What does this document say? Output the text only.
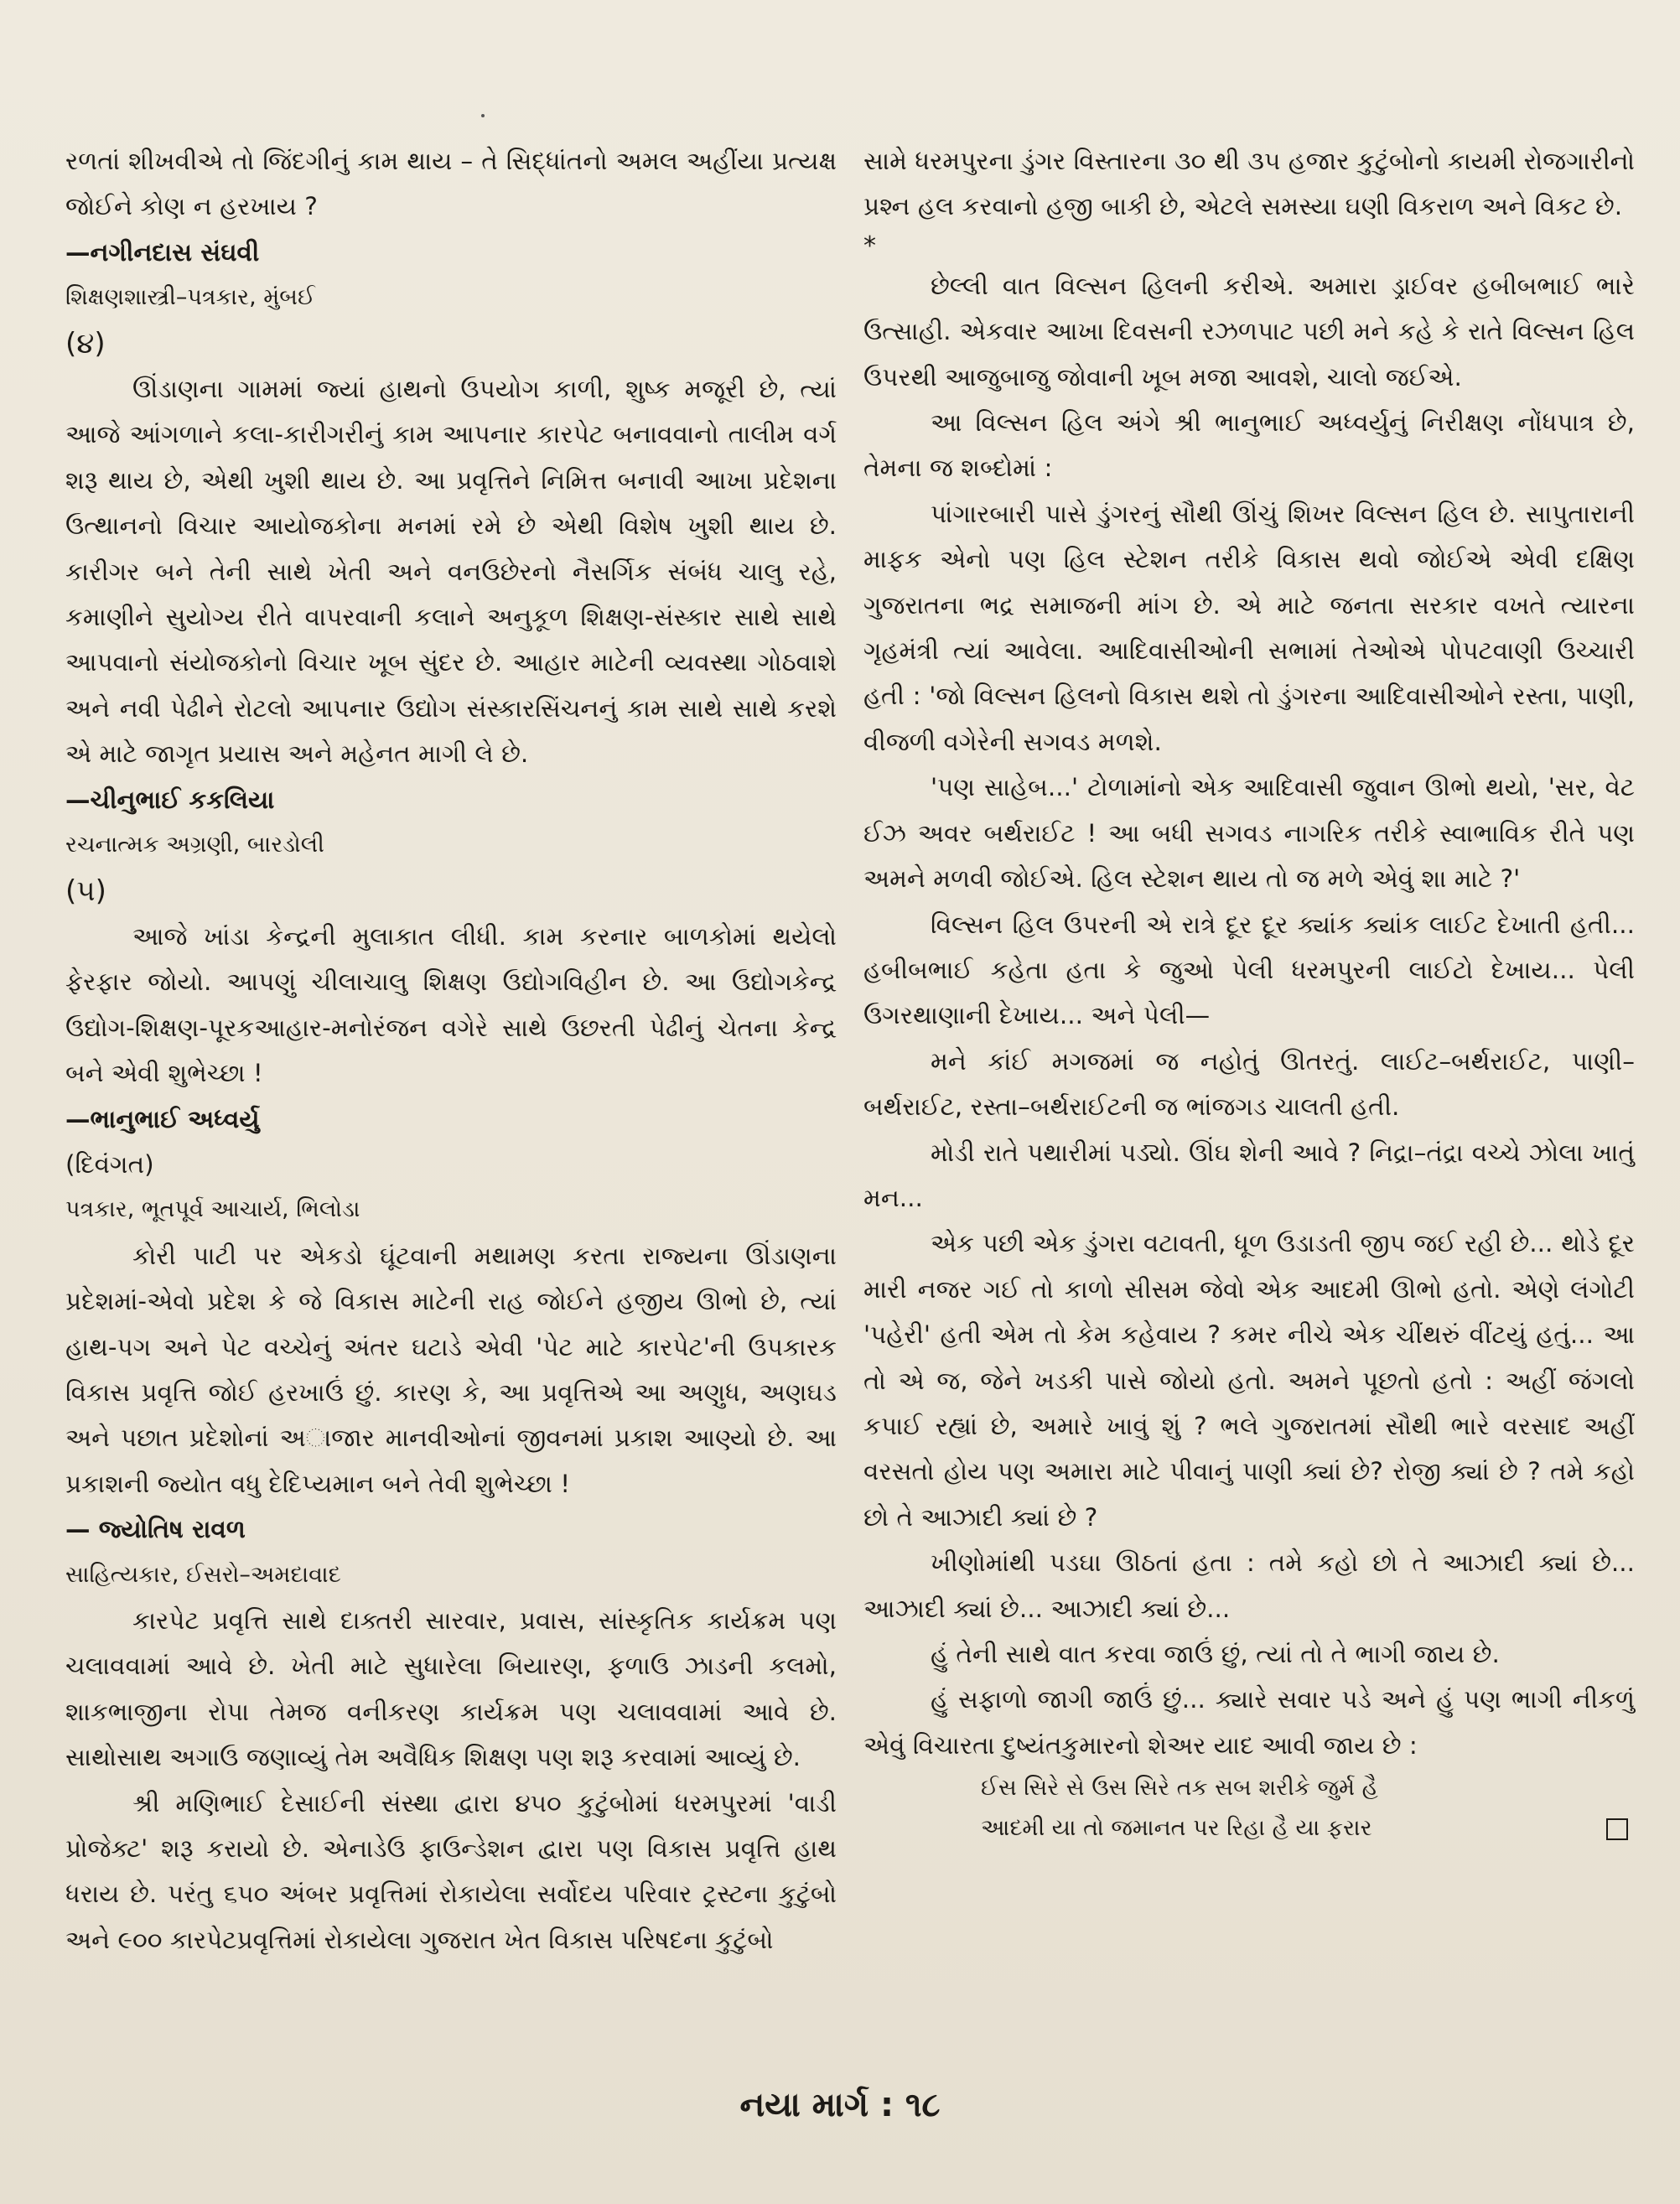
રળતાં શીખવીએ તો જિંદગીનું કામ થાય – તે સિદ્ધાંતનો અમલ અહીં‌યા પ્રત્યક્ષ જોઈને કોણ ન હરખાય ?

—નગીનદાસ સંઘવી

શિક્ષણશાસ્ત્રી–પત્રકાર, મુંબઈ

(૪)

ઊંડાણના ગામમાં જ્યાં હાથનો ઉપયોગ કાળી, શુષ્ક મજૂરી છે, ત્યાં આજે આંગળાને કલા-કારીગરીનું કામ આપનાર કારપેટ બનાવવાનો તાલીમ વર્ગ શરૂ થાય છે, એથી ખુશી થાય છે. આ પ્રવૃત્તિને નિમિત્ત બનાવી આખા પ્રદેશના ઉત્થાનનો વિચાર આયોજકોના મનમાં રમે છે એથી વિશેષ ખુશી થાય છે. કારીગર બને તેની સાથે ખેતી અને વનઉછેરનો નૈસર્ગિક સંબંધ ચાલુ રહે, કમાણીને સુયોગ્ય રીતે વાપરવાની કલાને અનુકૂળ શિક્ષણ-સંસ્કાર સાથે સાથે આપવાનો સંયોજકોનો વિચાર ખૂબ સુંદર છે. આહાર માટેની વ્યવસ્થા ગોઠવાશે અને નવી પેઢીને રોટલો આપનાર ઉદ્યોગ સંસ્કારસિંચનનું કામ સાથે સાથે કરશે એ માટે જાગૃત પ્રયાસ અને મહેનત માગી લે છે.

—ચીનુભાઈ કકલિયા

રચનાત્મક અગ્રણી, બારડોલી

(૫)

આજે ખાંડા કેન્દ્રની મુલાકાત લીધી. કામ કરનાર બાળકોમાં થયેલો ફેરફાર જોયો. આપણું ચીલાચાલુ શિક્ષણ ઉદ્યોગવિહીન છે. આ ઉદ્યોગકેન્દ્ર ઉદ્યોગ-શિક્ષણ-પૂરકઆહાર-મનોરંજન વગેરે સાથે ઉછરતી પેઢીનું ચેતના કેન્દ્ર બને એવી શુભેચ્છા !

—ભાનુભાઈ અધ્વર્યુ

(દિવંગત)

પત્રકાર, ભૂતપૂર્વ આચાર્ય, ભિલોડા

કોરી પાટી પર એકડો ઘૂંટવાની મથામણ કરતા રાજ્યના ઊંડાણના પ્રદેશમાં-એવો પ્રદેશ કે જે વિકાસ માટેની રાહ જોઈને હજીય ઊભો છે, ત્યાં હાથ-પગ અને પેટ વચ્ચેનું અંતર ઘટાડે એવી 'પેટ માટે કારપેટ'ની ઉપકારક વિકાસ પ્રવૃત્તિ જોઈ હરખાઉં છું. કારણ કે, આ પ્રવૃત્તિએ આ અણુધ, અણઘડ અને પછાત પ્રદેશોનાં અાજાર માનવીઓનાં જીવનમાં પ્રકાશ આણ્યો છે. આ પ્રકાશની જ્યોત વધુ દેદિપ્યમાન બને તેવી શુભેચ્છા !

— જ્યોતિષ રાવળ

સાહિત્યકાર, ઈસરો–અમદાવાદ

કારપેટ પ્રવૃત્તિ સાથે દાક્તરી સારવાર, પ્રવાસ, સાંસ્કૃતિક કાર્યક્રમ પણ ચલાવવામાં આવે છે. ખેતી માટે સુધારેલા બિયારણ, ફળાઉ ઝાડની કલમો, શાકભાજીના રોપા તેમજ વનીકરણ કાર્યક્રમ પણ ચલાવવામાં આવે છે. સાથોસાથ અગાઉ જણાવ્યું તેમ અવૈધિક શિક્ષણ પણ શરૂ કરવામાં આવ્યું છે.

શ્રી મણિભાઈ દેસાઈની સંસ્થા દ્વારા ૪૫૦ કુટુંબોમાં ધરમપુરમાં 'વાડી પ્રોજેક્ટ' શરૂ કરાયો છે. એનાડેઉ ફાઉન્ડેશન દ્વારા પણ વિકાસ પ્રવૃત્તિ હાથ ધરાય છે. પરંતુ ૬૫૦ અંબર પ્રવૃત્તિમાં રોકાયેલા સર્વોદય પરિવાર ટ્રસ્ટના કુટુંબો અને ૯૦૦ કારપેટપ્રવૃત્તિમાં રોકાયેલા ગુજરાત ખેત વિકાસ પરિષદના કુટુંબો

સામે ધરમપુરના ડુંગર વિસ્તારના ૩૦ થી ૩૫ હજાર કુટુંબોનો કાયમી રોજગારીનો પ્રશ્ન હલ કરવાનો હજી બાકી છે, એટલે સમસ્યા ઘણી વિકરાળ અને વિકટ છે.

*

છેલ્લી વાત વિલ્સન હિલની કરીએ. અમારા ડ્રાઈવર હબીબભાઈ ભારે ઉત્સાહી. એકવાર આખા દિવસની રઝળપાટ પછી મને કહે કે રાતે વિલ્સન હિલ ઉપરથી આજુબાજુ જોવાની ખૂબ મજા આવશે, ચાલો જઈએ.

આ વિલ્સન હિલ અંગે શ્રી ભાનુભાઈ અધ્વર્યુનું નિરીક્ષણ નોંધપાત્ર છે, તેમના જ શબ્દોમાં :

પાંગારબારી પાસે ડુંગરનું સૌથી ઊંચું શિખર વિલ્સન હિલ છે. સાપુતારાની માફક એનો પણ હિલ સ્ટેશન તરીકે વિકાસ થવો જોઈએ એવી દક્ષિણ ગુજરાતના ભદ્ર સમાજની માંગ છે. એ માટે જનતા સરકાર વખતે ત્યારના ગૃહમંત્રી ત્યાં આવેલા. આદિવાસીઓની સભામાં તેઓએ પોપટવાણી ઉચ્ચારી હતી : 'જો વિલ્સન હિલનો વિકાસ થશે તો ડુંગરના આદિવાસીઓને રસ્તા, પાણી, વીજળી વગેરેની સગવડ મળશે.

'પણ સાહેબ...' ટોળામાંનો એક આદિવાસી જુવાન ઊભો થયો, 'સર, વેટ ઈઝ અવર બર્થરાઈટ ! આ બધી સગવડ નાગરિક તરીકે સ્વાભાવિક રીતે પણ અમને મળવી જોઈએ. હિલ સ્ટેશન થાય તો જ મળે એવું શા માટે ?'

વિલ્સન હિલ ઉપરની એ રાત્રે દૂર દૂર ક્યાંક ક્યાંક લાઈટ દેખાતી હતી... હબીબભાઈ કહેતા હતા કે જુઓ પેલી ધરમપુરની લાઈટો દેખાય... પેલી ઉગરથાણાની દેખાય... અને પેલી—

મને કાંઈ મગજમાં જ નહોતું ઊતરતું. લાઈટ–બર્થરાઈટ, પાણી–બર્થરાઈટ, રસ્તા–બર્થરાઈટની જ ભાંજગડ ચાલતી હતી.

મોડી રાતે પથારીમાં પડ્યો. ઊંઘ શેની આવે ? નિદ્રા–તંદ્રા વચ્ચે ઝોલા ખાતું મન...

એક પછી એક ડુંગરા વટાવતી, ધૂળ ઉડાડતી જીપ જઈ રહી છે... થોડે દૂર મારી નજર ગઈ તો કાળો સીસમ જેવો એક આદમી ઊભો હતો. એણે લંગોટી 'પહેરી' હતી એમ તો કેમ કહેવાય ? કમર નીચે એક ચીંથરું વીંટયું હતું... આ તો એ જ, જેને ખડકી પાસે જોયો હતો. અમને પૂછતો હતો : અહીં જંગલો કપાઈ રહ્યાં છે, અમારે ખાવું શું ? ભલે ગુજરાતમાં સૌથી ભારે વરસાદ અહીં વરસતો હોય પણ અમારા માટે પીવાનું પાણી ક્યાં છે? રોજી ક્યાં છે ? તમે કહો છો તે આઝાદી ક્યાં છે ?

ખીણોમાંથી પડઘા ઊઠતાં હતા : તમે કહો છો તે આઝાદી ક્યાં છે... આઝાદી ક્યાં છે... આઝાદી ક્યાં છે...

હું તેની સાથે વાત કરવા જાઉં છું, ત્યાં તો તે ભાગી જાય છે.

હું સફાળો જાગી જાઉં છું... ક્યારે સવાર પડે અને હું પણ ભાગી નીકળું એવું વિચારતા દુષ્યંતકુમારનો શેઅર યાદ આવી જાય છે :

ઈસ સિરે સે ઉસ સિરે તક સબ શરીકે જુર્મ હૈ

આદમી યા તો જમાનત પર રિહા હૈ યા ફરાર

નયા માર્ગ : ૧૮
